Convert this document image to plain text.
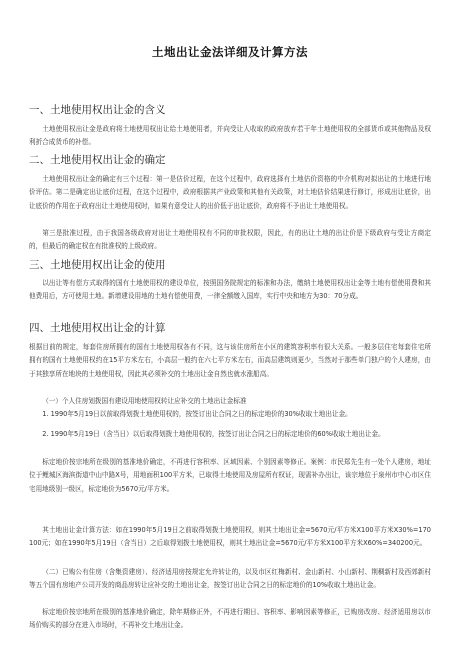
土地出让金法详细及计算方法
一、土地使用权出让金的含义
土地使用权出让金是政府将土地使用权出让给土地使用者，并向受让人收取的政府放弃若干年土地使用权的全部货币或其他物品及权利折合成货币的补偿。
二、土地使用权出让金的确定
土地使用权出让金的确定有三个过程：第一是估价过程，在这个过程中，政府选择有土地估价资格的中介机构对拟出让的土地进行地价评估。第二是确定出让底价过程，在这个过程中，政府根据其产业政策和其他有关政策，对土地估价结果进行修订，形成出让底价，出让底价的作用在于政府出让土地使用权时，如果有意受让人的出价低于出让底价，政府将不予出让土地使用权。
第三是批准过程，由于我国各级政府对出让土地使用权有不同的审批权限，因此，有的出让土地的出让价是下级政府与受让方商定的，但最后的确定权在有批准权的上级政府。
三、土地使用权出让金的使用
以出让等有偿方式取得的国有土地使用权的建设单位，按照国务院规定的标准和办法，缴纳土地使用权出让金等土地有偿使用费和其他费用后，方可使用土地。新增建设用地的土地有偿使用费，一律全额缴入国库，实行中央和地方为30：70分成。
四、土地使用权出让金的计算
根据目前的规定，每套住房所拥有的国有土地使用权各有不同，这与该住房所在小区的建筑容积率有很大关系。一般多层住宅每套住宅所拥有的国有土地使用权约在15平方米左右，小高层一般约在六七平方米左右，而高层建筑则更少，当然对于那些单门独户的个人建房，由于其独享所在地块的土地使用权，因此其必须补交的土地出让金自然也就水涨船高。
（一）个人住房划拨国有建设用地使用权转让应补交的土地出让金标准
1. 1990年5月19日以前取得划拨土地使用权的，按签订出让合同之日的标定地价的30%收取土地出让金。
2. 1990年5月19日（含当日）以后取得划拨土地使用权的，按签订出让合同之日的标定地价的60%收取土地出让金。
标定地价按宗地所在级别的基准地价确定，不再进行容积率、区域因素、个别因素等修正。案例：市民郑先生有一处个人建房，地址位于鲤城区海滨街道中山中路X号，用地面积100平方米，已取得土地使用及房屋所有权证，现需补办出让，该宗地位于泉州市中心市区住宅用地级别一级区，标定地价为5670元/平方米。
其土地出让金计算方法：如在1990年5月19日之前取得划拨土地使用权，则其土地出让金=5670元/平方米X100平方米X30%=170100元；如在1990年5月19日（含当日）之后取得划拨土地使用权，则其土地出让金=5670元/平方米X100平方米X60%=340200元。
（二）已购公有住房（含集资建房）、经济适用房按规定允许转让的，以及市区红梅新村、金山新村、小山新村、荆稠新村及西郊新村等五个国有房地产公司开发的商品房转让应补交的土地出让金，按签订出让合同之日的标定地价的10%收取土地出让金。
标定地价按宗地所在级别的基准地价确定，除年期修正外，不再进行期日、容积率、影响因素等修正，已购房改房、经济适用房以市场价购买的部分在进入市场时，不再补交土地出让金。
